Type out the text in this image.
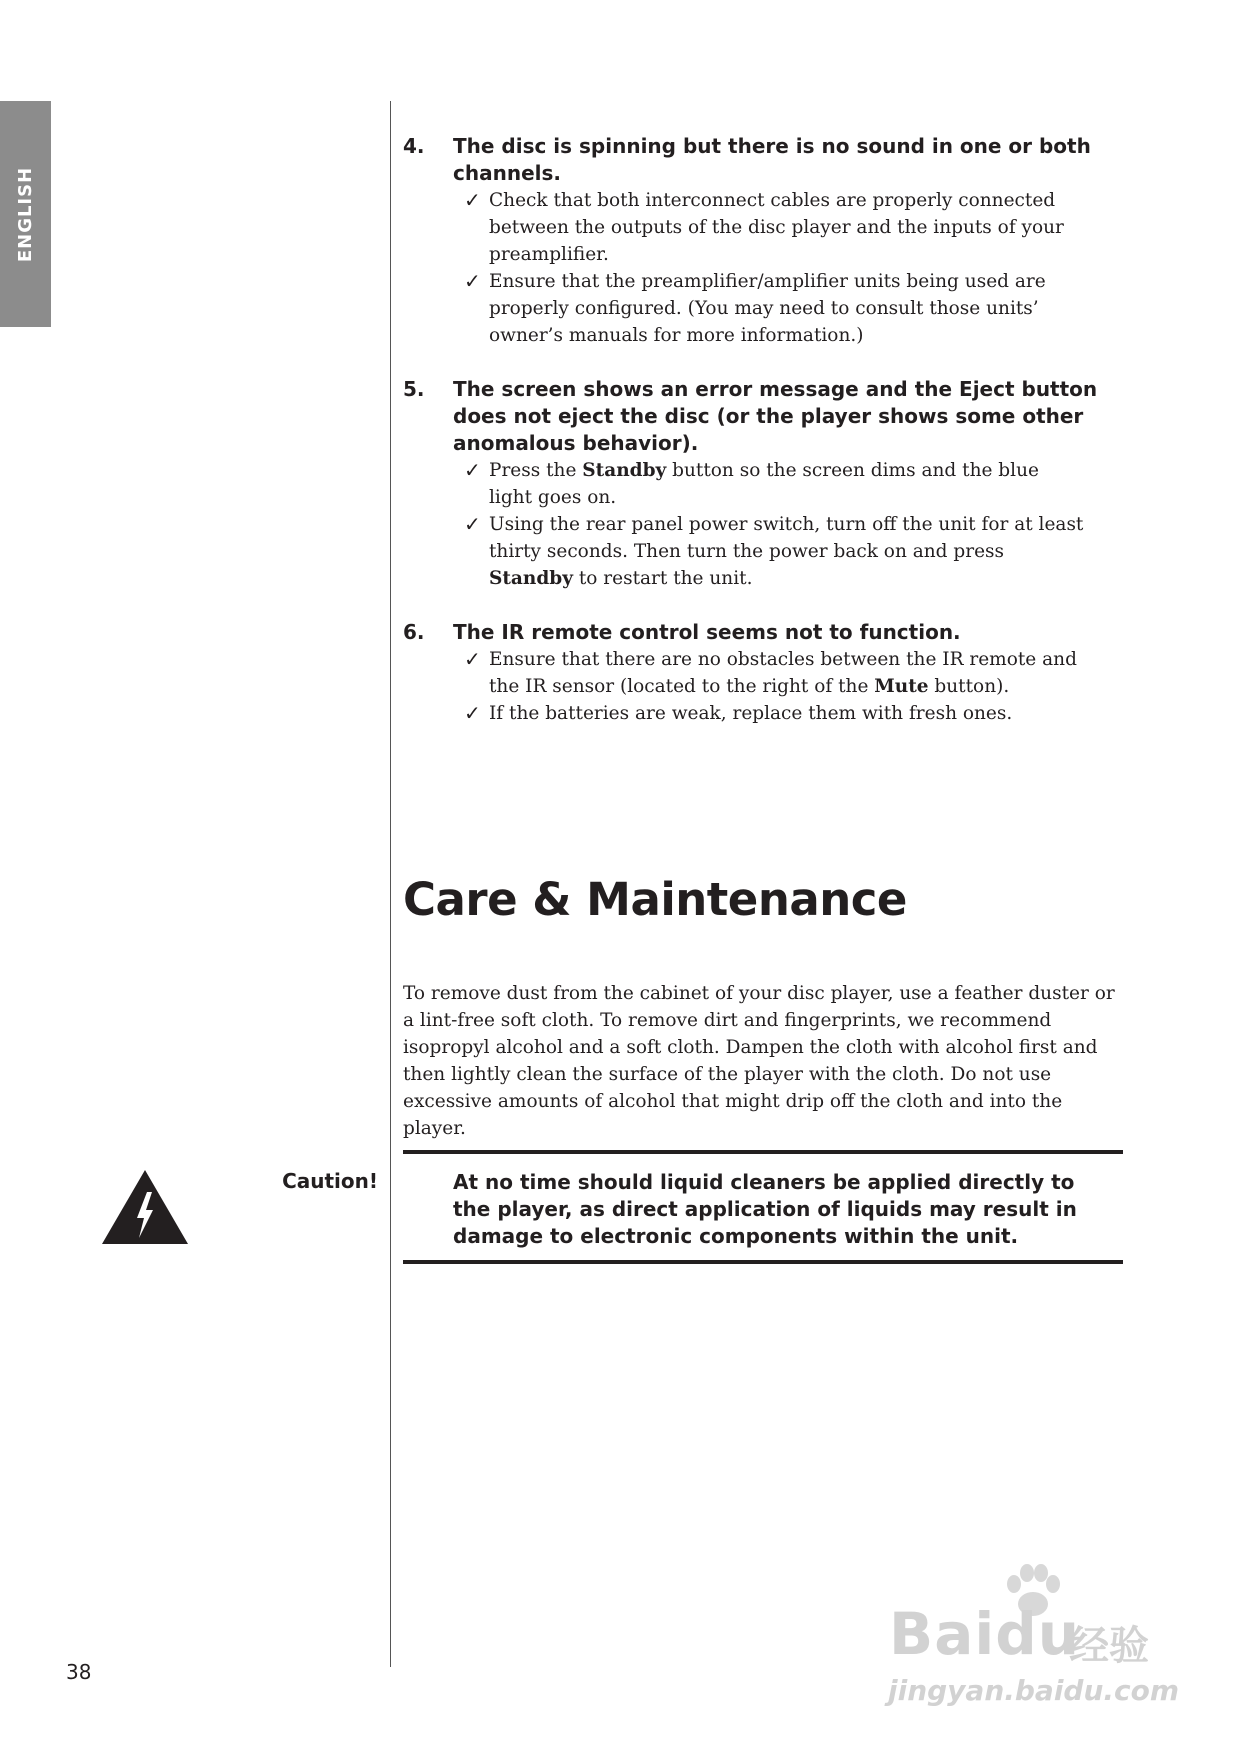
ENGLISH
4.	The disc is spinning but there is no sound in one or both channels.
✓ Check that both interconnect cables are properly connected between the outputs of the disc player and the inputs of your preamplifier.
✓ Ensure that the preamplifier/amplifier units being used are properly configured. (You may need to consult those units’ owner’s manuals for more information.)
5.	The screen shows an error message and the Eject button does not eject the disc (or the player shows some other anomalous behavior).
✓ Press the Standby button so the screen dims and the blue light goes on.
✓ Using the rear panel power switch, turn off the unit for at least thirty seconds. Then turn the power back on and press Standby to restart the unit.
6.	The IR remote control seems not to function.
✓ Ensure that there are no obstacles between the IR remote and the IR sensor (located to the right of the Mute button).
✓ If the batteries are weak, replace them with fresh ones.
Care & Maintenance
To remove dust from the cabinet of your disc player, use a feather duster or a lint-free soft cloth. To remove dirt and fingerprints, we recommend isopropyl alcohol and a soft cloth. Dampen the cloth with alcohol first and then lightly clean the surface of the player with the cloth. Do not use excessive amounts of alcohol that might drip off the cloth and into the player.
Caution!	At no time should liquid cleaners be applied directly to the player, as direct application of liquids may result in damage to electronic components within the unit.
38
Baidu
经验
jingyan.baidu.com
